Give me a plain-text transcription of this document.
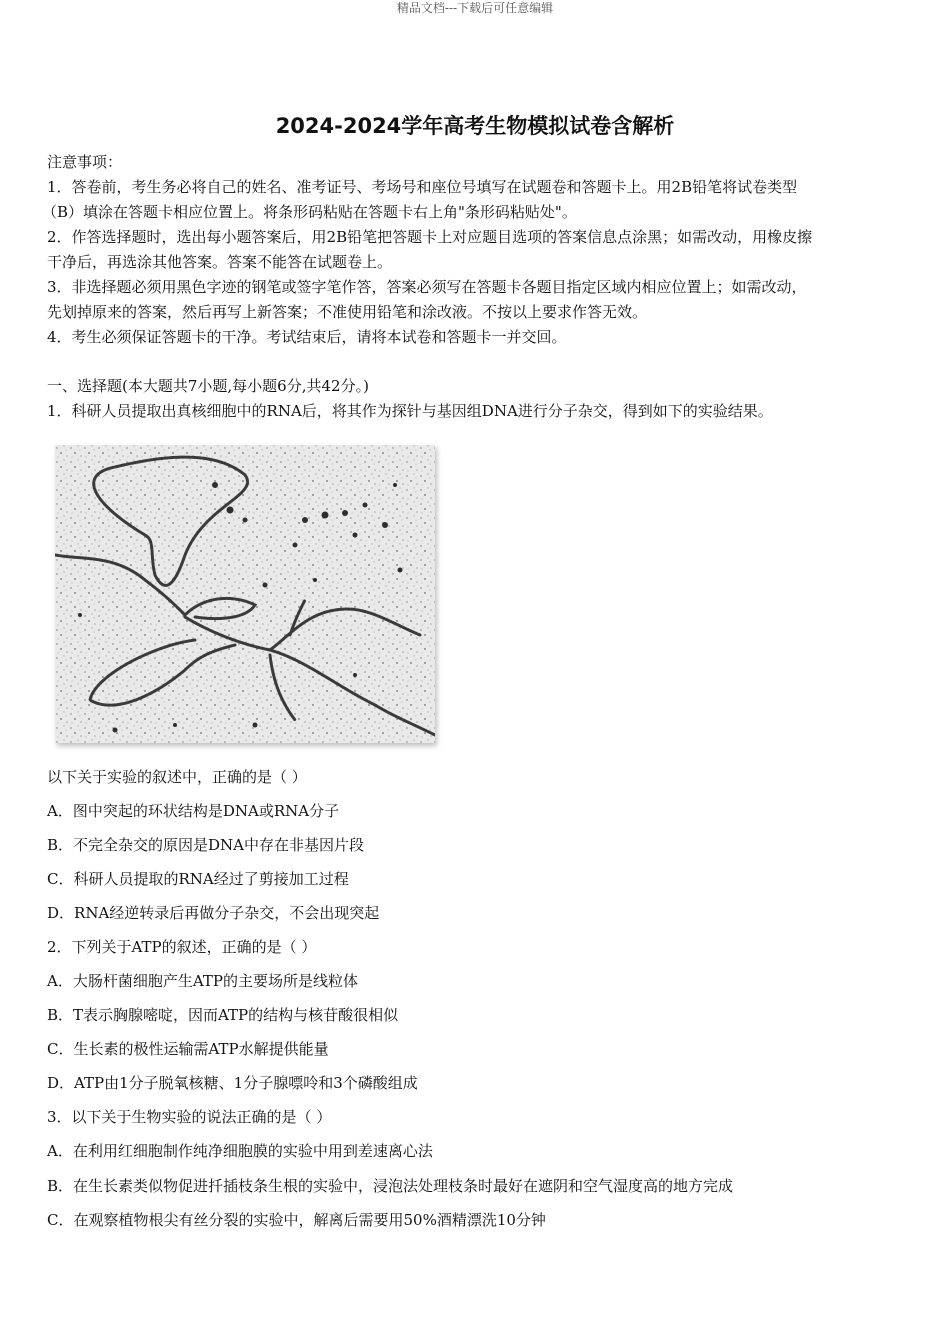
精品文档---下载后可任意编辑
2024-2024学年高考生物模拟试卷含解析
注意事项：
1．答卷前，考生务必将自己的姓名、准考证号、考场号和座位号填写在试题卷和答题卡上。用2B铅笔将试卷类型
（B）填涂在答题卡相应位置上。将条形码粘贴在答题卡右上角"条形码粘贴处"。
2．作答选择题时，选出每小题答案后，用2B铅笔把答题卡上对应题目选项的答案信息点涂黑；如需改动，用橡皮擦
干净后，再选涂其他答案。答案不能答在试题卷上。
3．非选择题必须用黑色字迹的钢笔或签字笔作答，答案必须写在答题卡各题目指定区域内相应位置上；如需改动，
先划掉原来的答案，然后再写上新答案；不准使用铅笔和涂改液。不按以上要求作答无效。
4．考生必须保证答题卡的干净。考试结束后，请将本试卷和答题卡一并交回。
一、选择题(本大题共7小题,每小题6分,共42分。)
1．科研人员提取出真核细胞中的RNA后，将其作为探针与基因组DNA进行分子杂交，得到如下的实验结果。
以下关于实验的叙述中，正确的是（ ）
A．图中突起的环状结构是DNA或RNA分子
B．不完全杂交的原因是DNA中存在非基因片段
C．科研人员提取的RNA经过了剪接加工过程
D．RNA经逆转录后再做分子杂交，不会出现突起
2．下列关于ATP的叙述，正确的是（ ）
A．大肠杆菌细胞产生ATP的主要场所是线粒体
B．T表示胸腺嘧啶，因而ATP的结构与核苷酸很相似
C．生长素的极性运输需ATP水解提供能量
D．ATP由1分子脱氧核糖、1分子腺嘌呤和3个磷酸组成
3．以下关于生物实验的说法正确的是（ ）
A．在利用红细胞制作纯净细胞膜的实验中用到差速离心法
B．在生长素类似物促进扦插枝条生根的实验中，浸泡法处理枝条时最好在遮阴和空气湿度高的地方完成
C．在观察植物根尖有丝分裂的实验中，解离后需要用50%酒精漂洗10分钟
